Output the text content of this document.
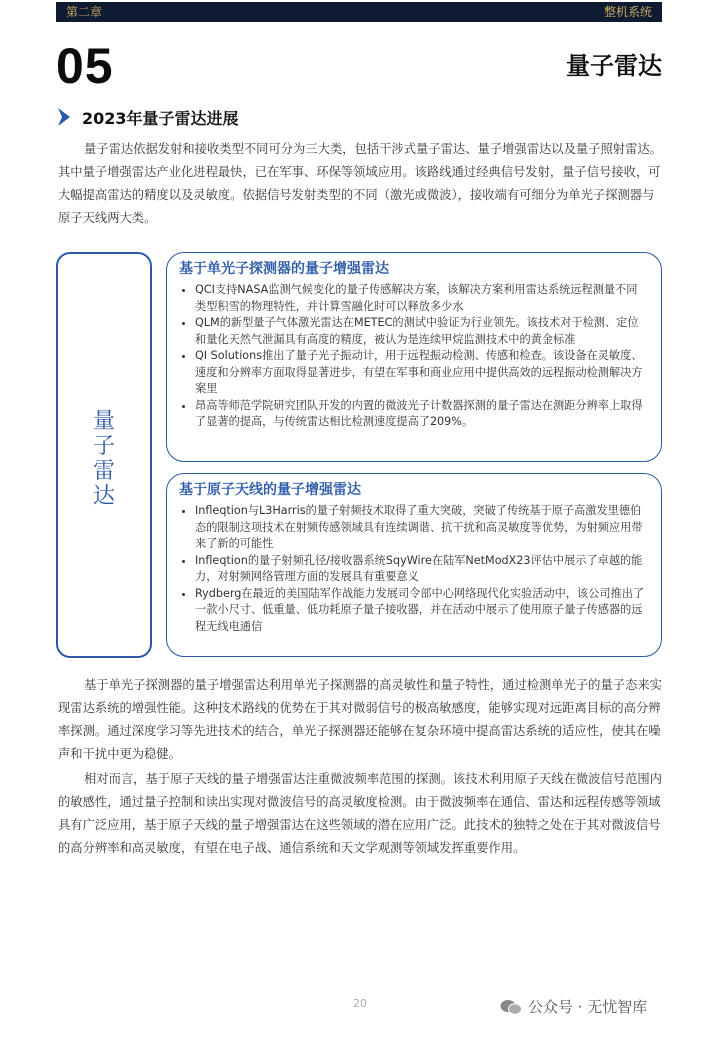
第二章	整机系统
05	量子雷达
2023年量子雷达进展

量子雷达依据发射和接收类型不同可分为三大类，包括干涉式量子雷达、量子增强雷达以及量子照射雷达。其中量子增强雷达产业化进程最快，已在军事、环保等领域应用。该路线通过经典信号发射，量子信号接收，可大幅提高雷达的精度以及灵敏度。依据信号发射类型的不同（激光或微波），接收端有可细分为单光子探测器与原子天线两大类。

量
子
雷
达
基于单光子探测器的量子增强雷达
• QCI支持NASA监测气候变化的量子传感解决方案，该解决方案利用雷达系统远程测量不同类型积雪的物理特性，并计算雪融化时可以释放多少水
• QLM的新型量子气体激光雷达在METEC的测试中验证为行业领先。该技术对于检测、定位和量化天然气泄漏具有高度的精度，被认为是连续甲烷监测技术中的黄金标准
• QI Solutions推出了量子光子振动计，用于远程振动检测、传感和检查。该设备在灵敏度、速度和分辨率方面取得显著进步，有望在军事和商业应用中提供高效的远程振动检测解决方案里
• 昂高等师范学院研究团队开发的内置的微波光子计数器探测的量子雷达在测距分辨率上取得了显著的提高，与传统雷达相比检测速度提高了209%。
基于原子天线的量子增强雷达
• Infleqtion与L3Harris的量子射频技术取得了重大突破，突破了传统基于原子高激发里德伯态的限制这项技术在射频传感领域具有连续调谐、抗干扰和高灵敏度等优势，为射频应用带来了新的可能性
• Infleqtion的量子射频孔径/接收器系统SqyWire在陆军NetModX23评估中展示了卓越的能力，对射频网络管理方面的发展具有重要意义
• Rydberg在最近的美国陆军作战能力发展司令部中心网络现代化实验活动中，该公司推出了一款小尺寸、低重量、低功耗原子量子接收器，并在活动中展示了使用原子量子传感器的远程无线电通信

基于单光子探测器的量子增强雷达利用单光子探测器的高灵敏性和量子特性，通过检测单光子的量子态来实现雷达系统的增强性能。这种技术路线的优势在于其对微弱信号的极高敏感度，能够实现对远距离目标的高分辨率探测。通过深度学习等先进技术的结合，单光子探测器还能够在复杂环境中提高雷达系统的适应性，使其在噪声和干扰中更为稳健。

相对而言，基于原子天线的量子增强雷达注重微波频率范围的探测。该技术利用原子天线在微波信号范围内的敏感性，通过量子控制和读出实现对微波信号的高灵敏度检测。由于微波频率在通信、雷达和远程传感等领域具有广泛应用，基于原子天线的量子增强雷达在这些领域的潜在应用广泛。此技术的独特之处在于其对微波信号的高分辨率和高灵敏度，有望在电子战、通信系统和天文学观测等领域发挥重要作用。

20	公众号 · 无忧智库
